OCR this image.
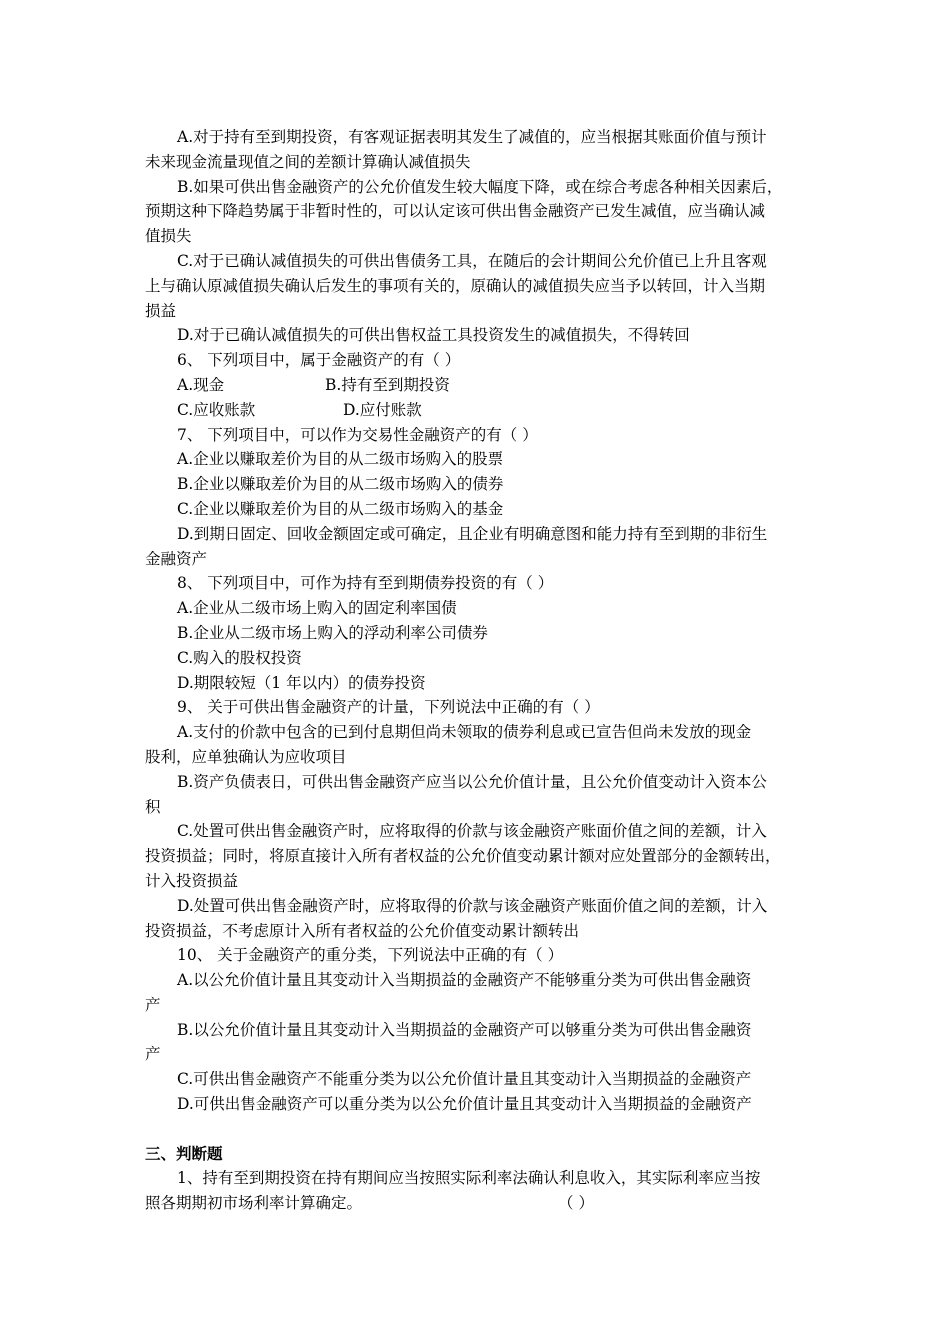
A.对于持有至到期投资，有客观证据表明其发生了减值的，应当根据其账面价值与预计
未来现金流量现值之间的差额计算确认减值损失
B.如果可供出售金融资产的公允价值发生较大幅度下降，或在综合考虑各种相关因素后，
预期这种下降趋势属于非暂时性的，可以认定该可供出售金融资产已发生减值，应当确认减
值损失
C.对于已确认减值损失的可供出售债务工具，在随后的会计期间公允价值已上升且客观
上与确认原减值损失确认后发生的事项有关的，原确认的减值损失应当予以转回，计入当期
损益
D.对于已确认减值损失的可供出售权益工具投资发生的减值损失，不得转回
6、 下列项目中，属于金融资产的有（ ）
A.现金	B.持有至到期投资
C.应收账款	D.应付账款
7、 下列项目中，可以作为交易性金融资产的有（ ）
A.企业以赚取差价为目的从二级市场购入的股票
B.企业以赚取差价为目的从二级市场购入的债券
C.企业以赚取差价为目的从二级市场购入的基金
D.到期日固定、回收金额固定或可确定，且企业有明确意图和能力持有至到期的非衍生
金融资产
8、 下列项目中，可作为持有至到期债券投资的有（ ）
A.企业从二级市场上购入的固定利率国债
B.企业从二级市场上购入的浮动利率公司债券
C.购入的股权投资
D.期限较短（1 年以内）的债券投资
9、 关于可供出售金融资产的计量，下列说法中正确的有（ ）
A.支付的价款中包含的已到付息期但尚未领取的债券利息或已宣告但尚未发放的现金
股利，应单独确认为应收项目
B.资产负债表日，可供出售金融资产应当以公允价值计量，且公允价值变动计入资本公
积
C.处置可供出售金融资产时，应将取得的价款与该金融资产账面价值之间的差额，计入
投资损益；同时，将原直接计入所有者权益的公允价值变动累计额对应处置部分的金额转出，
计入投资损益
D.处置可供出售金融资产时，应将取得的价款与该金融资产账面价值之间的差额，计入
投资损益，不考虑原计入所有者权益的公允价值变动累计额转出
10、 关于金融资产的重分类，下列说法中正确的有（ ）
A.以公允价值计量且其变动计入当期损益的金融资产不能够重分类为可供出售金融资
产
B.以公允价值计量且其变动计入当期损益的金融资产可以够重分类为可供出售金融资
产
C.可供出售金融资产不能重分类为以公允价值计量且其变动计入当期损益的金融资产
D.可供出售金融资产可以重分类为以公允价值计量且其变动计入当期损益的金融资产
三、判断题
1、持有至到期投资在持有期间应当按照实际利率法确认利息收入，其实际利率应当按
照各期期初市场利率计算确定。	（ ）
